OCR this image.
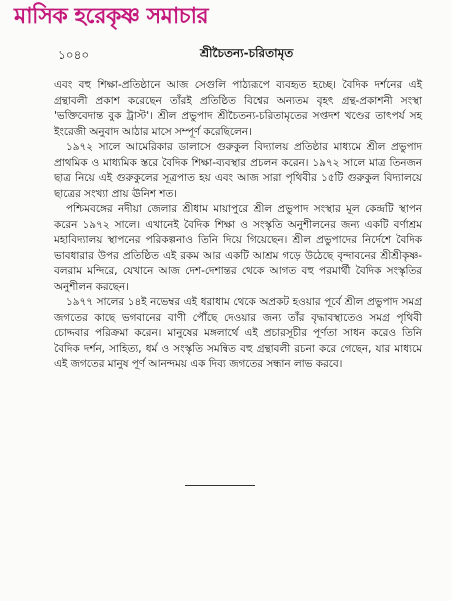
মাসিক হরেকৃষ্ণ সমাচার
১০৪০	শ্রীচৈতন্য-চরিতামৃত

এবং বহু শিক্ষা-প্রতিষ্ঠানে আজ সেগুলি পাঠ্যরূপে ব্যবহৃত হচ্ছে। বৈদিক দর্শনের এই গ্রন্থাবলী প্রকাশ করেছেন তাঁরই প্রতিষ্ঠিত বিশ্বের অন্যতম বৃহৎ গ্রন্থ-প্রকাশনী সংস্থা 'ভক্তিবেদান্ত বুক ট্রাস্ট'। শ্রীল প্রভুপাদ শ্রীচৈতন্য-চরিতামৃতের সপ্তদশ খণ্ডের তাৎপর্য সহ ইংরেজী অনুবাদ আঠার মাসে সম্পূর্ণ করেছিলেন।

১৯৭২ সালে আমেরিকার ডালাসে গুরুকুল বিদ্যালয় প্রতিষ্ঠার মাধ্যমে শ্রীল প্রভুপাদ প্রাথমিক ও মাধ্যমিক স্তরে বৈদিক শিক্ষা-ব্যবস্থার প্রচলন করেন। ১৯৭২ সালে মাত্র তিনজন ছাত্র নিয়ে এই গুরুকুলের সূত্রপাত হয় এবং আজ সারা পৃথিবীর ১৫টি গুরুকুল বিদ্যালয়ে ছাত্রের সংখ্যা প্রায় ঊনিশ শত।

পশ্চিমবঙ্গের নদীয়া জেলার শ্রীধাম মায়াপুরে শ্রীল প্রভুপাদ সংস্থার মূল কেন্দ্রটি স্থাপন করেন ১৯৭২ সালে। এখানেই বৈদিক শিক্ষা ও সংস্কৃতি অনুশীলনের জন্য একটি বর্ণাশ্রম মহাবিদ্যালয় স্থাপনের পরিকল্পনাও তিনি দিয়ে গিয়েছেন। শ্রীল প্রভুপাদের নির্দেশে বৈদিক ভাবধারার উপর প্রতিষ্ঠিত এই রকম আর একটি আশ্রম গড়ে উঠেছে বৃন্দাবনের শ্রীশ্রীকৃষ্ণ-বলরাম মন্দিরে, যেখানে আজ দেশ-দেশান্তর থেকে আগত বহু পরমার্থী বৈদিক সংস্কৃতির অনুশীলন করছেন।

১৯৭৭ সালের ১৪ই নভেম্বর এই ধরাধাম থেকে অপ্রকট হওয়ার পূর্বে শ্রীল প্রভুপাদ সমগ্র জগতের কাছে ভগবানের বাণী পৌঁছে দেওয়ার জন্য তাঁর বৃদ্ধাবস্থাতেও সমগ্র পৃথিবী চোদ্দবার পরিক্রমা করেন। মানুষের মঙ্গলার্থে এই প্রচারসূচীর পূর্ণতা সাধন করেও তিনি বৈদিক দর্শন, সাহিত্য, ধর্ম ও সংস্কৃতি সমন্বিত বহু গ্রন্থাবলী রচনা করে গেছেন, যার মাধ্যমে এই জগতের মানুষ পূর্ণ আনন্দময় এক দিব্য জগতের সন্ধান লাভ করবে।
